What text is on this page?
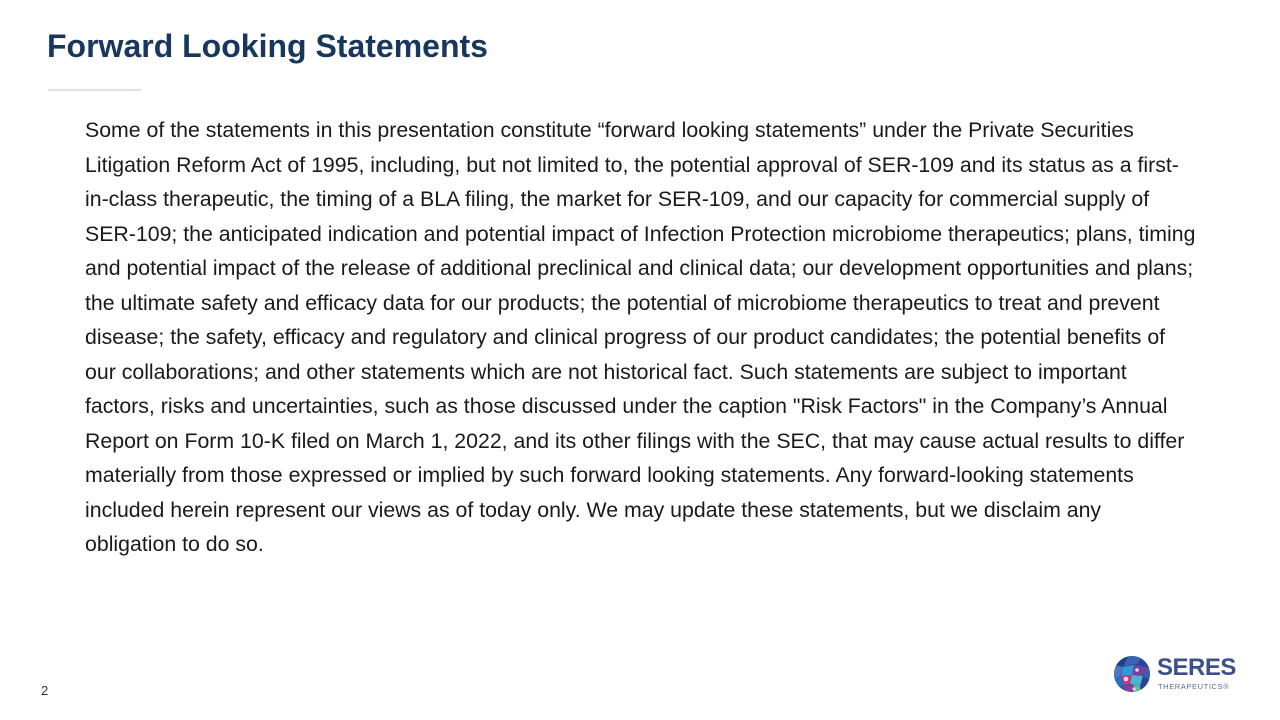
Forward Looking Statements

Some of the statements in this presentation constitute “forward looking statements” under the Private Securities Litigation Reform Act of 1995, including, but not limited to, the potential approval of SER-109 and its status as a first-in-class therapeutic, the timing of a BLA filing, the market for SER-109, and our capacity for commercial supply of SER-109; the anticipated indication and potential impact of Infection Protection microbiome therapeutics; plans, timing and potential impact of the release of additional preclinical and clinical data; our development opportunities and plans; the ultimate safety and efficacy data for our products; the potential of microbiome therapeutics to treat and prevent disease; the safety, efficacy and regulatory and clinical progress of our product candidates; the potential benefits of our collaborations; and other statements which are not historical fact. Such statements are subject to important factors, risks and uncertainties, such as those discussed under the caption "Risk Factors" in the Company’s Annual Report on Form 10-K filed on March 1, 2022, and its other filings with the SEC, that may cause actual results to differ materially from those expressed or implied by such forward looking statements. Any forward-looking statements included herein represent our views as of today only. We may update these statements, but we disclaim any obligation to do so.

2
SERES
THERAPEUTICS®
